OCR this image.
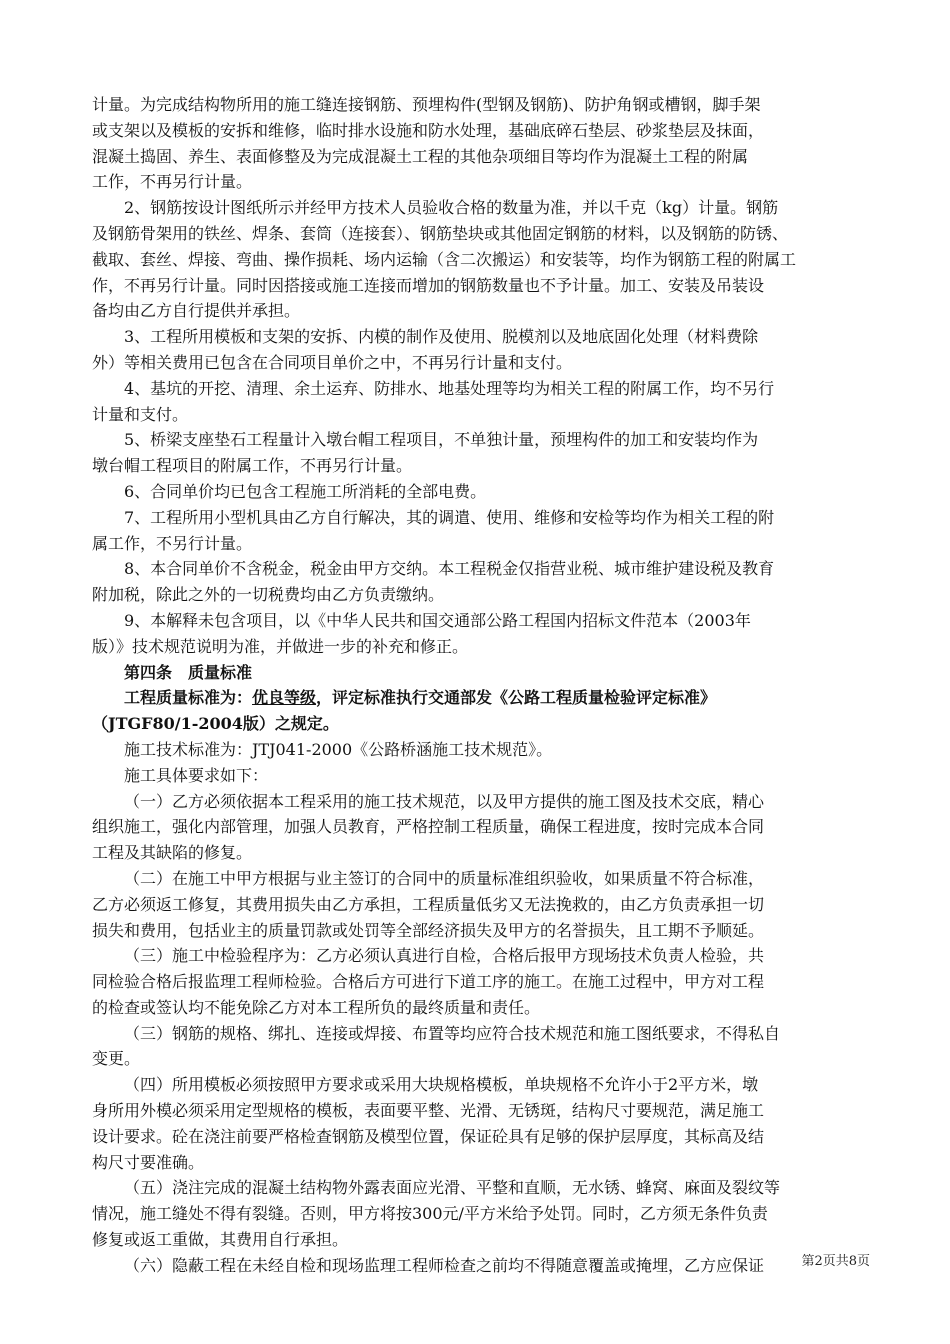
计量。为完成结构物所用的施工缝连接钢筋、预埋构件(型钢及钢筋)、防护角钢或槽钢，脚手架
或支架以及模板的安拆和维修，临时排水设施和防水处理，基础底碎石垫层、砂浆垫层及抹面，
混凝土捣固、养生、表面修整及为完成混凝土工程的其他杂项细目等均作为混凝土工程的附属
工作，不再另行计量。
2、钢筋按设计图纸所示并经甲方技术人员验收合格的数量为准，并以千克（kg）计量。钢筋
及钢筋骨架用的铁丝、焊条、套筒（连接套）、钢筋垫块或其他固定钢筋的材料，以及钢筋的防锈、
截取、套丝、焊接、弯曲、操作损耗、场内运输（含二次搬运）和安装等，均作为钢筋工程的附属工
作，不再另行计量。同时因搭接或施工连接而增加的钢筋数量也不予计量。加工、安装及吊装设
备均由乙方自行提供并承担。
3、工程所用模板和支架的安拆、内模的制作及使用、脱模剂以及地底固化处理（材料费除
外）等相关费用已包含在合同项目单价之中，不再另行计量和支付。
4、基坑的开挖、清理、余土运弃、防排水、地基处理等均为相关工程的附属工作，均不另行
计量和支付。
5、桥梁支座垫石工程量计入墩台帽工程项目，不单独计量，预埋构件的加工和安装均作为
墩台帽工程项目的附属工作，不再另行计量。
6、合同单价均已包含工程施工所消耗的全部电费。
7、工程所用小型机具由乙方自行解决，其的调遣、使用、维修和安检等均作为相关工程的附
属工作，不另行计量。
8、本合同单价不含税金，税金由甲方交纳。本工程税金仅指营业税、城市维护建设税及教育
附加税，除此之外的一切税费均由乙方负责缴纳。
9、本解释未包含项目，以《中华人民共和国交通部公路工程国内招标文件范本（2003年
版）》技术规范说明为准，并做进一步的补充和修正。
第四条　质量标准
工程质量标准为：优良等级，评定标准执行交通部发《公路工程质量检验评定标准》
（JTGF80/1-2004版）之规定。
施工技术标准为：JTJ041-2000《公路桥涵施工技术规范》。
施工具体要求如下：
（一）乙方必须依据本工程采用的施工技术规范，以及甲方提供的施工图及技术交底，精心
组织施工，强化内部管理，加强人员教育，严格控制工程质量，确保工程进度，按时完成本合同
工程及其缺陷的修复。
（二）在施工中甲方根据与业主签订的合同中的质量标准组织验收，如果质量不符合标准，
乙方必须返工修复，其费用损失由乙方承担，工程质量低劣又无法挽救的，由乙方负责承担一切
损失和费用，包括业主的质量罚款或处罚等全部经济损失及甲方的名誉损失，且工期不予顺延。
（三）施工中检验程序为：乙方必须认真进行自检，合格后报甲方现场技术负责人检验，共
同检验合格后报监理工程师检验。合格后方可进行下道工序的施工。在施工过程中，甲方对工程
的检查或签认均不能免除乙方对本工程所负的最终质量和责任。
（三）钢筋的规格、绑扎、连接或焊接、布置等均应符合技术规范和施工图纸要求，不得私自
变更。
（四）所用模板必须按照甲方要求或采用大块规格模板，单块规格不允许小于2平方米，墩
身所用外模必须采用定型规格的模板，表面要平整、光滑、无锈斑，结构尺寸要规范，满足施工
设计要求。砼在浇注前要严格检查钢筋及模型位置，保证砼具有足够的保护层厚度，其标高及结
构尺寸要准确。
（五）浇注完成的混凝土结构物外露表面应光滑、平整和直顺，无水锈、蜂窝、麻面及裂纹等
情况，施工缝处不得有裂缝。否则，甲方将按300元/平方米给予处罚。同时，乙方须无条件负责
修复或返工重做，其费用自行承担。
（六）隐蔽工程在未经自检和现场监理工程师检查之前均不得随意覆盖或掩埋，乙方应保证	第2页共8页
